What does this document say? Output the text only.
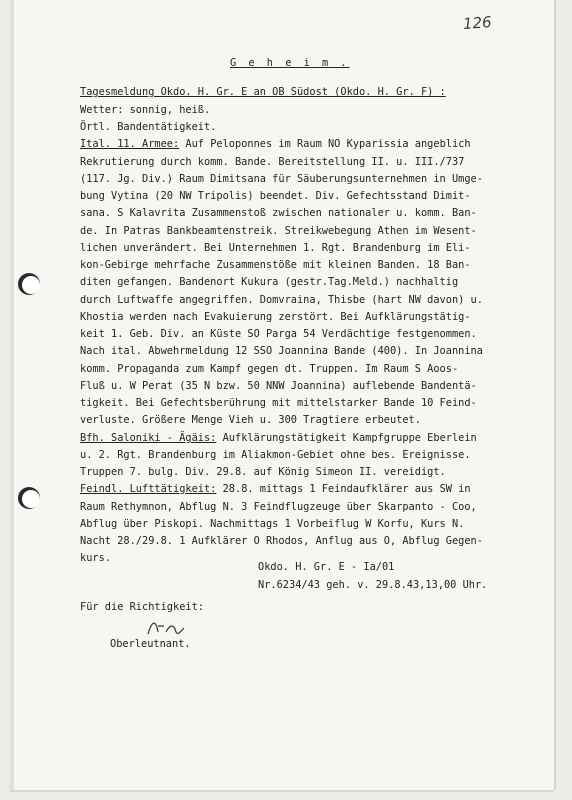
126
G e h e i m .
Tagesmeldung Okdo. H. Gr. E an OB Südost (Okdo. H. Gr. F) :
Wetter: sonnig, heiß.
Örtl. Bandentätigkeit.
Ital. 11. Armee: Auf Peloponnes im Raum NO Kyparissia angeblich
Rekrutierung durch komm. Bande. Bereitstellung II. u. III./737
(117. Jg. Div.) Raum Dimitsana für Säuberungsunternehmen in Umge-
bung Vytina (20 NW Tripolis) beendet. Div. Gefechtsstand Dimit-
sana. S Kalavrita Zusammenstoß zwischen nationaler u. komm. Ban-
de. In Patras Bankbeamtenstreik. Streikwebegung Athen im Wesent-
lichen unverändert. Bei Unternehmen 1. Rgt. Brandenburg im Eli-
kon-Gebirge mehrfache Zusammenstöße mit kleinen Banden. 18 Ban-
diten gefangen. Bandenort Kukura (gestr.Tag.Meld.) nachhaltig
durch Luftwaffe angegriffen. Domvraina, Thisbe (hart NW davon) u.
Khostia werden nach Evakuierung zerstört. Bei Aufklärungstätig-
keit 1. Geb. Div. an Küste SO Parga 54 Verdächtige festgenommen.
Nach ital. Abwehrmeldung 12 SSO Joannina Bande (400). In Joannina
komm. Propaganda zum Kampf gegen dt. Truppen. Im Raum S Aoos-
Fluß u. W Perat (35 N bzw. 50 NNW Joannina) auflebende Bandentä-
tigkeit. Bei Gefechtsberührung mit mittelstarker Bande 10 Feind-
verluste. Größere Menge Vieh u. 300 Tragtiere erbeutet.
Bfh. Saloniki - Ägäis: Aufklärungstätigkeit Kampfgruppe Eberlein
u. 2. Rgt. Brandenburg im Aliakmon-Gebiet ohne bes. Ereignisse.
Truppen 7. bulg. Div. 29.8. auf König Simeon II. vereidigt.
Feindl. Lufttätigkeit: 28.8. mittags 1 Feindaufklärer aus SW in
Raum Rethymnon, Abflug N. 3 Feindflugzeuge über Skarpanto - Coo,
Abflug über Piskopi. Nachmittags 1 Vorbeiflug W Korfu, Kurs N.
Nacht 28./29.8. 1 Aufklärer O Rhodos, Anflug aus O, Abflug Gegen-
kurs.
Okdo. H. Gr. E - Ia/01
Nr.6234/43 geh. v. 29.8.43,13,00 Uhr.
Für die Richtigkeit:
Oberleutnant.
